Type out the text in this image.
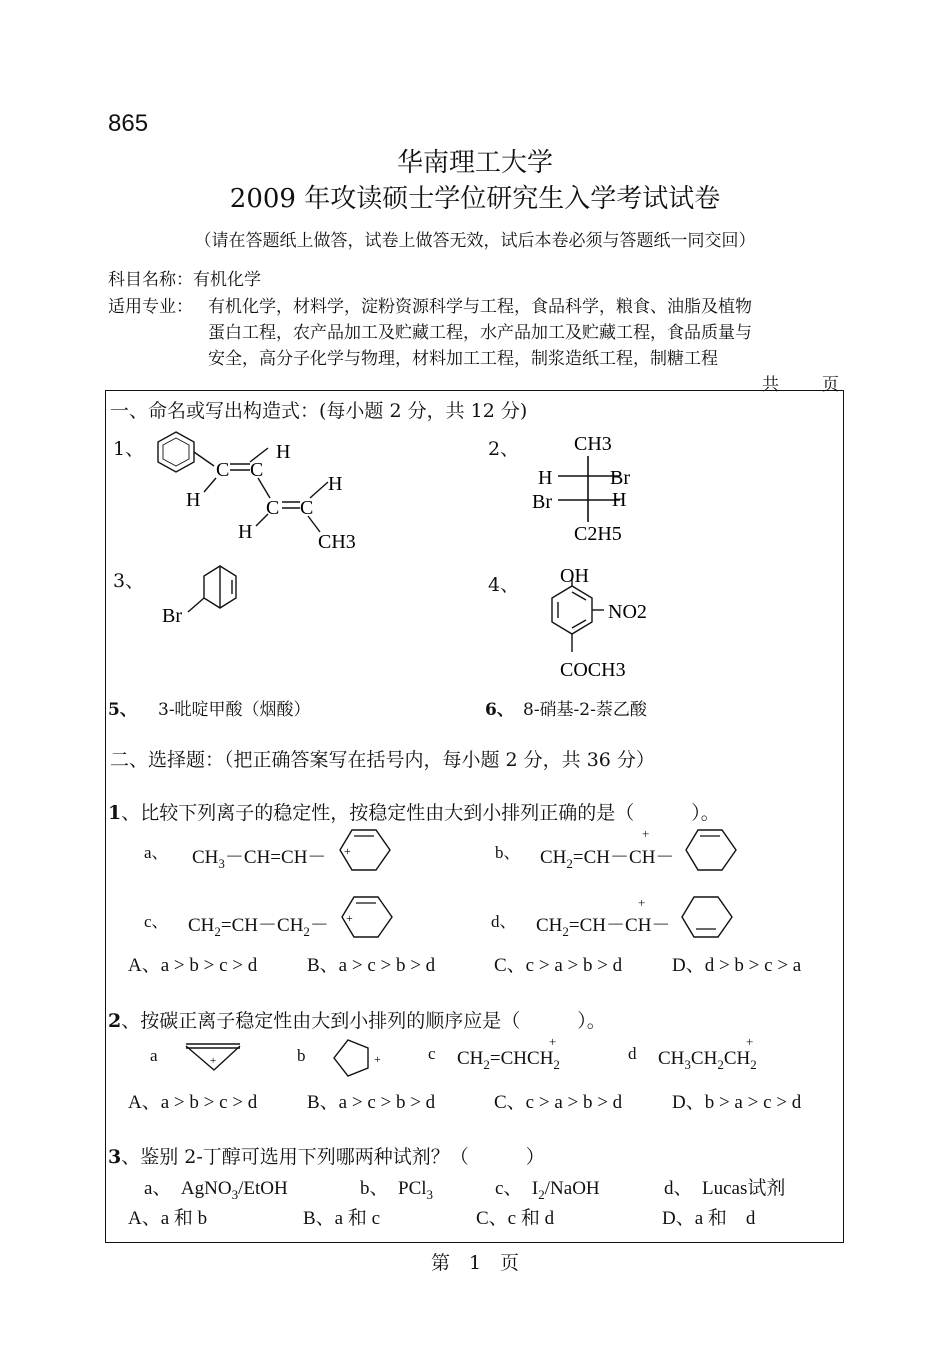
865
华南理工大学
2009 年攻读硕士学位研究生入学考试试卷
（请在答题纸上做答，试卷上做答无效，试后本卷必须与答题纸一同交回）
科目名称：有机化学
适用专业： 有机化学，材料学，淀粉资源科学与工程，食品科学，粮食、油脂及植物
蛋白工程，农产品加工及贮藏工程，水产品加工及贮藏工程，食品质量与
安全，高分子化学与物理，材料加工工程，制浆造纸工程，制糖工程
共	页
一、命名或写出构造式：(每小题 2 分，共 12 分)
1、	2、
3、	4、
C C
H
H	C C
H
H	CH3
CH3
H	Br
Br	H
C2H5
Br
OH
NO2
COCH3
5、 3-吡啶甲酸（烟酸）	6、 8-硝基-2-萘乙酸
二、选择题：（把正确答案写在括号内，每小题 2 分，共 36 分）
1、比较下列离子的稳定性，按稳定性由大到小排列正确的是（　　　）。
a、 $CH_3-CH=CH-$ +	b、 $CH_2=CH-CH-$
+
c、 $CH_2=CH-CH_2-$ +	d、 $CH_2=CH-CH-$
+
A、a > b > c > d	B、a > c > b > d	C、c > a > b > d	D、d > b > c > a
2、按碳正离子稳定性由大到小排列的顺序应是（　　　）。
a	+	b	+	c $CH_2=CHCH_2$
+
d $CH_3CH_2CH_2$
+
A、a > b > c > d	B、a > c > b > d	C、c > a > b > d	D、b > a > c > d
3、鉴别 2-丁醇可选用下列哪两种试剂？（　　　）
a、　AgNO$_3$/EtOH	b、　PCl$_3$	c、　$I_2$/NaOH	d、　Lucas试剂
A、a 和 b	B、a 和 c	C、c 和 d	D、a 和　d
第　1　页
